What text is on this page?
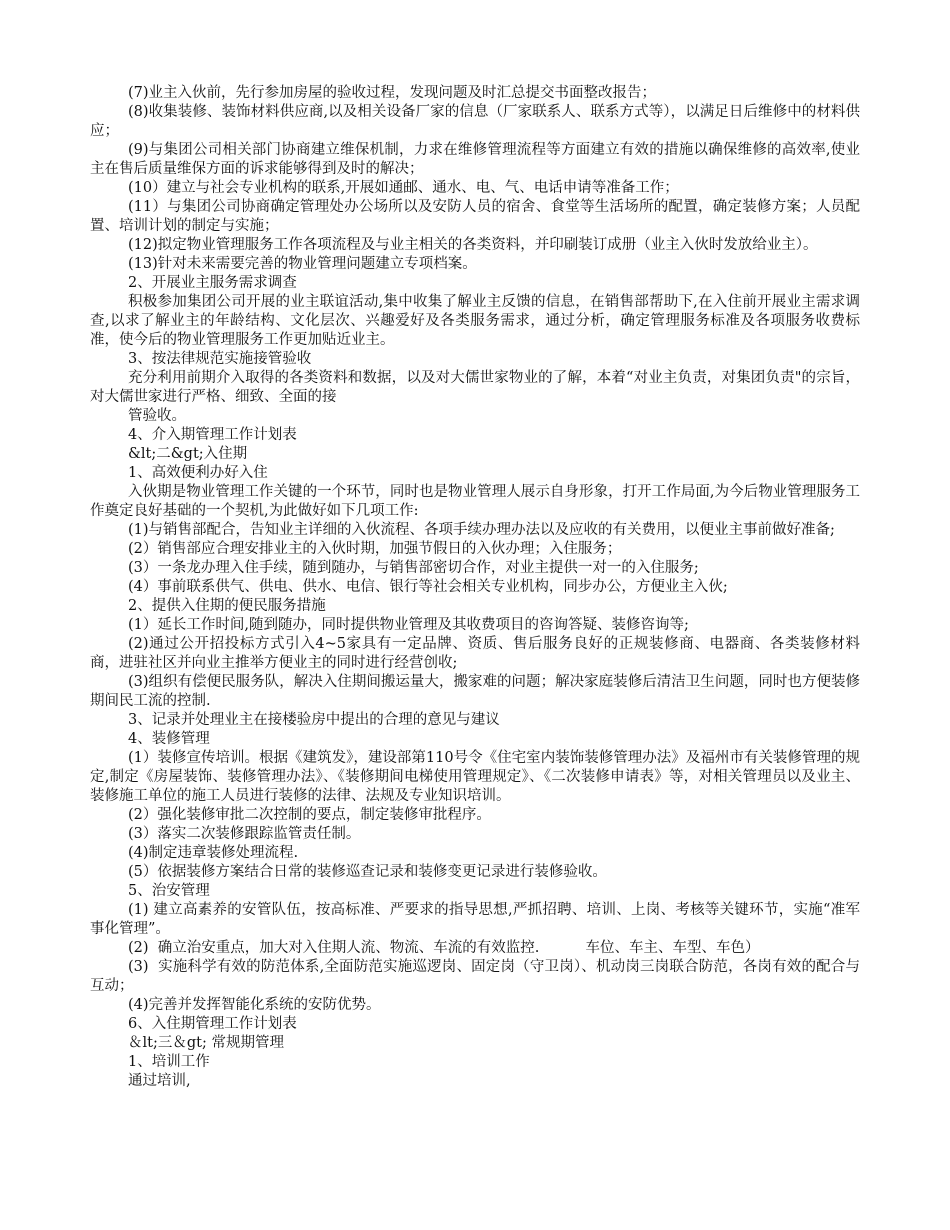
(7)业主入伙前，先行参加房屋的验收过程，发现问题及时汇总提交书面整改报告；

(8)收集装修、装饰材料供应商,以及相关设备厂家的信息（厂家联系人、联系方式等），以满足日后维修中的材料供应；

(9)与集团公司相关部门协商建立维保机制，力求在维修管理流程等方面建立有效的措施以确保维修的高效率,使业主在售后质量维保方面的诉求能够得到及时的解决；

(10）建立与社会专业机构的联系,开展如通邮、通水、电、气、电话申请等准备工作；

(11）与集团公司协商确定管理处办公场所以及安防人员的宿舍、食堂等生活场所的配置，确定装修方案；人员配置、培训计划的制定与实施；

(12)拟定物业管理服务工作各项流程及与业主相关的各类资料，并印刷装订成册（业主入伙时发放给业主）。

(13)针对未来需要完善的物业管理问题建立专项档案。

2、开展业主服务需求调查

积极参加集团公司开展的业主联谊活动,集中收集了解业主反馈的信息，在销售部帮助下,在入住前开展业主需求调查,以求了解业主的年龄结构、文化层次、兴趣爱好及各类服务需求，通过分析，确定管理服务标准及各项服务收费标准，使今后的物业管理服务工作更加贴近业主。

3、按法律规范实施接管验收

充分利用前期介入取得的各类资料和数据，以及对大儒世家物业的了解，本着“对业主负责，对集团负责"的宗旨，对大儒世家进行严格、细致、全面的接

管验收。

4、介入期管理工作计划表

&lt;二&gt;入住期

1、高效便利办好入住

入伙期是物业管理工作关键的一个环节，同时也是物业管理人展示自身形象，打开工作局面,为今后物业管理服务工作奠定良好基础的一个契机,为此做好如下几项工作:

(1)与销售部配合，告知业主详细的入伙流程、各项手续办理办法以及应收的有关费用，以便业主事前做好准备;

(2）销售部应合理安排业主的入伙时期，加强节假日的入伙办理；入住服务；

(3）一条龙办理入住手续，随到随办，与销售部密切合作，对业主提供一对一的入住服务;

(4）事前联系供气、供电、供水、电信、银行等社会相关专业机构，同步办公，方便业主入伙;

2、提供入住期的便民服务措施

(1）延长工作时间,随到随办，同时提供物业管理及其收费项目的咨询答疑、装修咨询等;

(2)通过公开招投标方式引入4~5家具有一定品牌、资质、售后服务良好的正规装修商、电器商、各类装修材料商，进驻社区并向业主推举方便业主的同时进行经营创收;

(3)组织有偿便民服务队，解决入住期间搬运量大，搬家难的问题；解决家庭装修后清洁卫生问题，同时也方便装修期间民工流的控制.

3、记录并处理业主在接楼验房中提出的合理的意见与建议

4、装修管理

(1）装修宣传培训。根据《建筑发》，建设部第110号令《住宅室内装饰装修管理办法》及福州市有关装修管理的规定,制定《房屋装饰、装修管理办法》、《装修期间电梯使用管理规定》、《二次装修申请表》等，对相关管理员以及业主、装修施工单位的施工人员进行装修的法律、法规及专业知识培训。

(2）强化装修审批二次控制的要点，制定装修审批程序。

(3）落实二次装修跟踪监管责任制。

(4)制定违章装修处理流程.

(5）依据装修方案结合日常的装修巡查记录和装修变更记录进行装修验收。

5、治安管理

(1) 建立高素养的安管队伍，按高标准、严要求的指导思想,严抓招聘、培训、上岗、考核等关键环节，实施“准军事化管理”。

(2)  确立治安重点，加大对入住期人流、物流、车流的有效监控.          车位、车主、车型、车色）

(3)  实施科学有效的防范体系,全面防范实施巡逻岗、固定岗（守卫岗）、机动岗三岗联合防范，各岗有效的配合与互动；

(4)完善并发挥智能化系统的安防优势。

6、入住期管理工作计划表

＆lt;三＆gt; 常规期管理

1、培训工作

通过培训,
